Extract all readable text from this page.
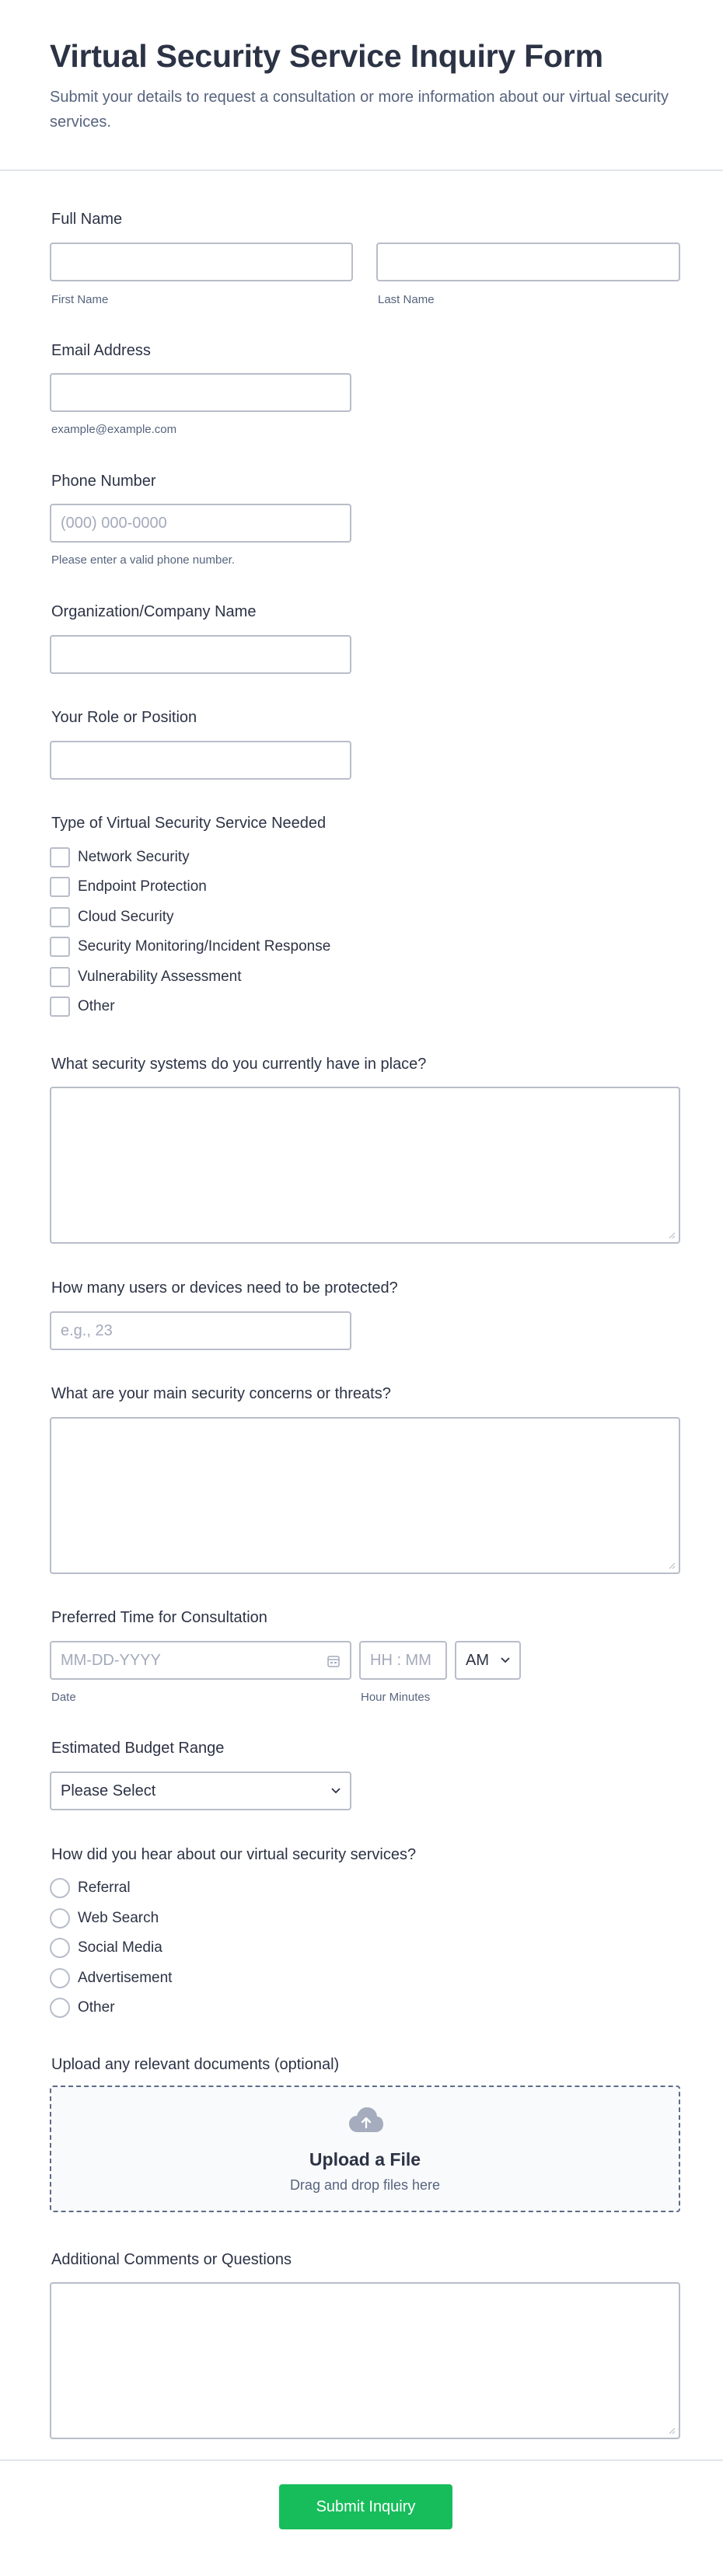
Virtual Security Service Inquiry Form

Submit your details to request a consultation or more information about our virtual security services.

Full Name
First Name	Last Name
Email Address
example@example.com
Phone Number
(000) 000-0000
Please enter a valid phone number.
Organization/Company Name
Your Role or Position
Type of Virtual Security Service Needed
Network Security
Endpoint Protection
Cloud Security
Security Monitoring/Incident Response
Vulnerability Assessment
Other
What security systems do you currently have in place?
How many users or devices need to be protected?
e.g., 23
What are your main security concerns or threats?
Preferred Time for Consultation
MM-DD-YYYY	HH : MM	AM
Date	Hour Minutes
Estimated Budget Range
Please Select
How did you hear about our virtual security services?
Referral
Web Search
Social Media
Advertisement
Other
Upload any relevant documents (optional)
Upload a File
Drag and drop files here
Additional Comments or Questions
Submit Inquiry
